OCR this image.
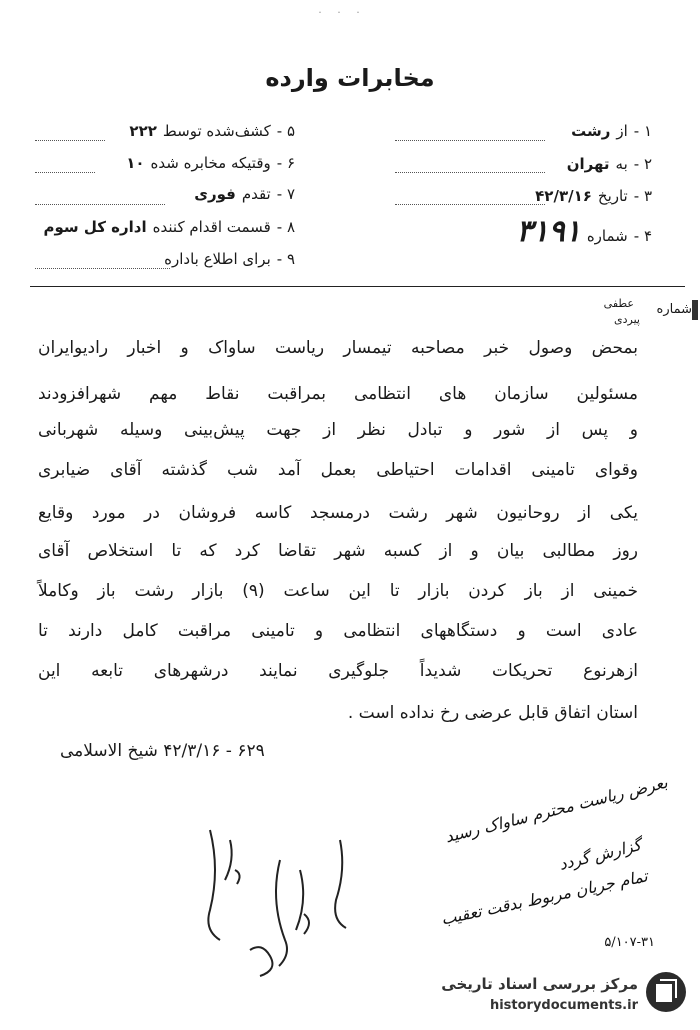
· · ·
مخابرات وارده
۱ -
از
رشت
۲ -
به
تهران
۳ -
تاریخ
۴۲/۳/۱۶
۴ -
شماره
۳۱۹۱
۵ -
کشف‌شده توسط
۲۲۲
۶ -
وقتیکه مخابره شده
۱۰
۷ -
تقدم
فوری
۸ -
قسمت اقدام کننده
اداره کل سوم
۹ -
برای اطلاع باداره
شماره
عطفی
پیردی
بمحض وصول خبر مصاحبه تیمسار ریاست ساواک و اخبار رادیوایران
مسئولین سازمان های انتظامی بمراقبت نقاط مهم شهرافزودند
و پس از شور و تبادل نظر از جهت پیش‌بینی وسیله شهربانی
وقوای تامینی اقدامات احتیاطی بعمل آمد شب گذشته آقای ضیابری
یکی از روحانیون شهر رشت درمسجد کاسه فروشان در مورد وقایع
روز مطالبی بیان و از کسبه شهر تقاضا کرد که تا استخلاص آقای
خمینی از باز کردن بازار تا این ساعت (۹) بازار رشت باز وکاملاً
عادی است و دستگاههای انتظامی و تامینی مراقبت کامل دارند تا
ازهرنوع تحریکات شدیداً جلوگیری نمایند درشهرهای تابعه این
استان اتفاق قابل عرضی رخ نداده است .
۶۲۹ - ۴۲/۳/۱۶ شیخ الاسلامی
بعرض ریاست محترم ساواک رسید
گزارش گردد
تمام جریان مربوط بدقت تعقیب
۵/۱۰۷-۳۱
مرکز بررسی اسناد تاریخی
historydocuments.ir
